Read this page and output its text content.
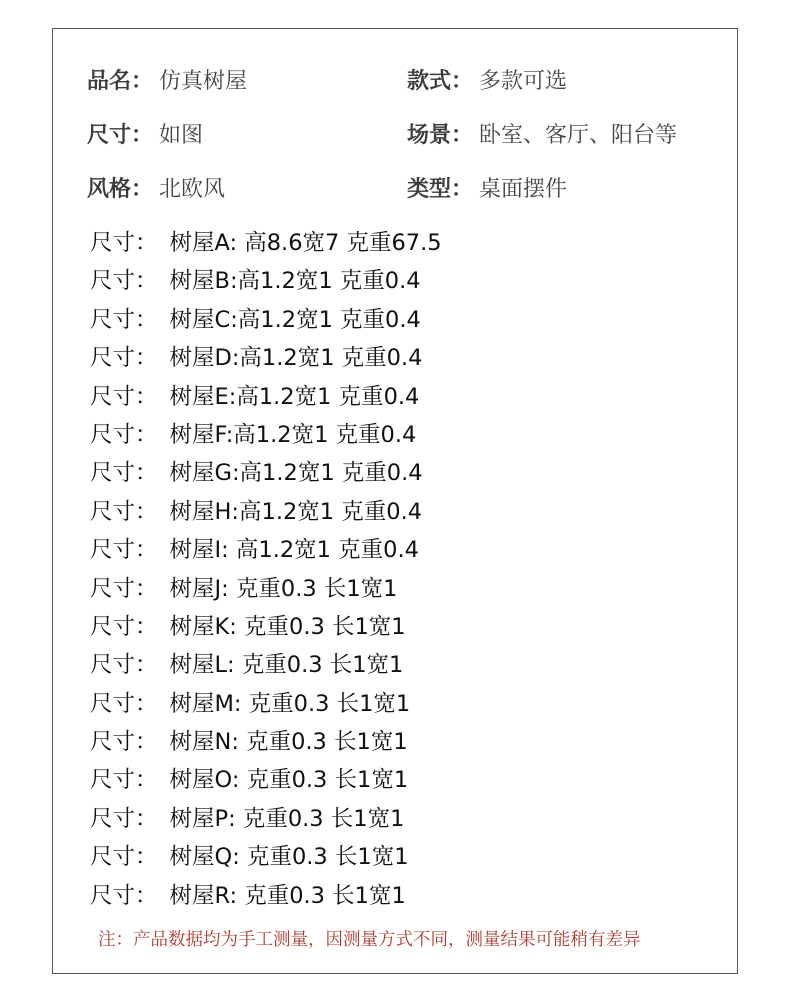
品名： 仿真树屋	款式： 多款可选
尺寸： 如图	场景： 卧室、客厅、阳台等
风格： 北欧风	类型： 桌面摆件
尺寸： 树屋A: 高8.6宽7 克重67.5
尺寸： 树屋B:高1.2宽1 克重0.4
尺寸： 树屋C:高1.2宽1 克重0.4
尺寸： 树屋D:高1.2宽1 克重0.4
尺寸： 树屋E:高1.2宽1 克重0.4
尺寸： 树屋F:高1.2宽1 克重0.4
尺寸： 树屋G:高1.2宽1 克重0.4
尺寸： 树屋H:高1.2宽1 克重0.4
尺寸： 树屋I: 高1.2宽1 克重0.4
尺寸： 树屋J: 克重0.3 长1宽1
尺寸： 树屋K: 克重0.3 长1宽1
尺寸： 树屋L: 克重0.3 长1宽1
尺寸： 树屋M: 克重0.3 长1宽1
尺寸： 树屋N: 克重0.3 长1宽1
尺寸： 树屋O: 克重0.3 长1宽1
尺寸： 树屋P: 克重0.3 长1宽1
尺寸： 树屋Q: 克重0.3 长1宽1
尺寸： 树屋R: 克重0.3 长1宽1
注：产品数据均为手工测量，因测量方式不同，测量结果可能稍有差异
